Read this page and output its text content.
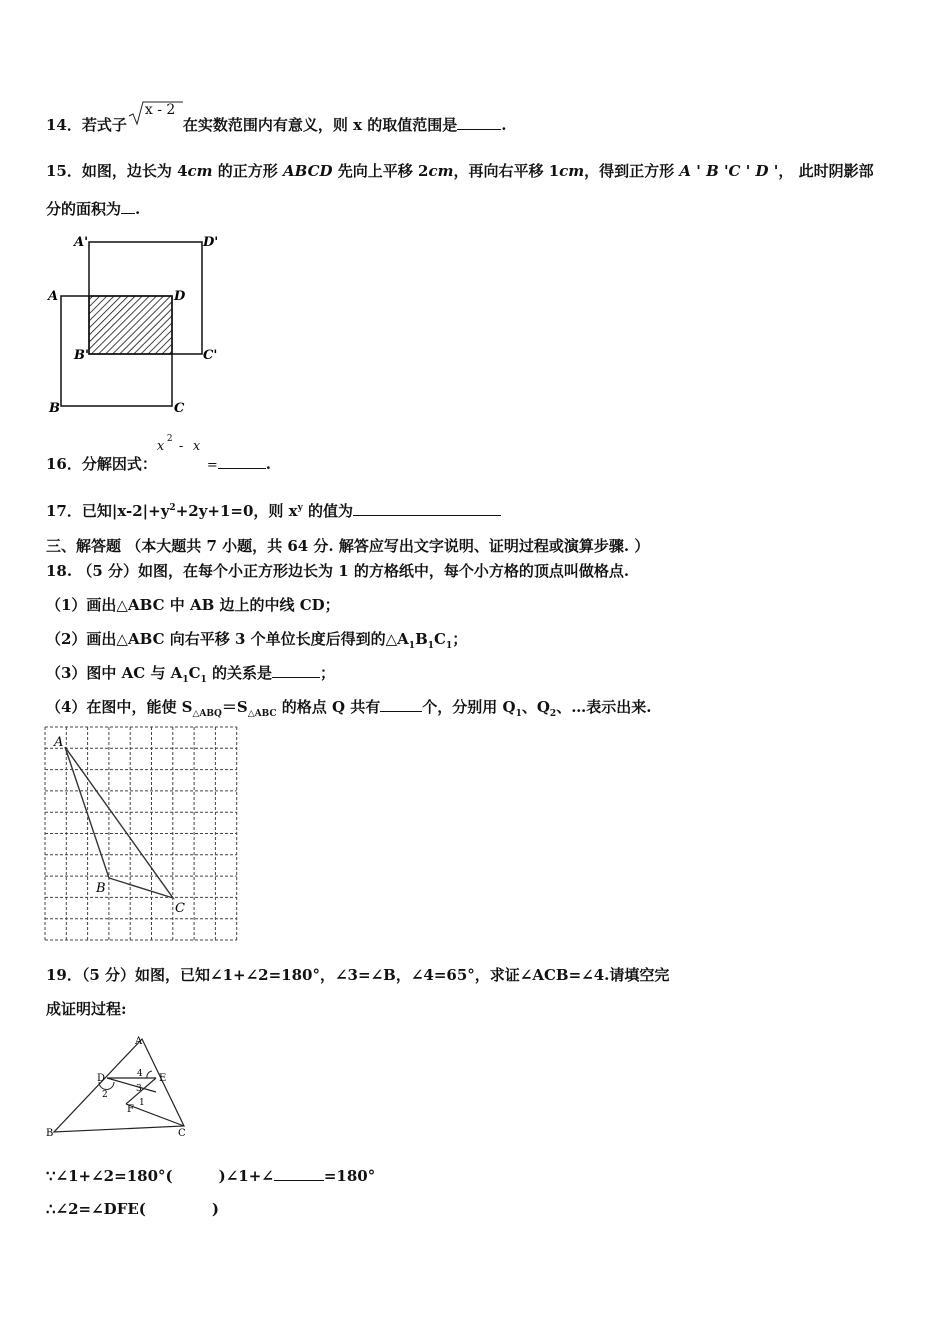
14．若式子
x - 2
在实数范围内有意义，则 x 的取值范围是	.
15．如图，边长为 4cm 的正方形 ABCD 先向上平移 2cm，再向右平移 1cm，得到正方形 A ' B 'C ' D '， 此时阴影部
分的面积为 .
A'	D'
A	D
B'	C'
B	C
16．分解因式：
x 2 - x
=	.
17．已知$|x-2|+y^2+2y+1=0$，则 $x^y$ 的值为
三、解答题 （本大题共 7 小题，共 64 分. 解答应写出文字说明、证明过程或演算步骤. ）
18. （5 分）如图，在每个小正方形边长为 1 的方格纸中，每个小方格的顶点叫做格点.
（1）画出△ABC 中 AB 边上的中线 CD；
（2）画出△ABC 向右平移 3 个单位长度后得到的$\triangle A_1B_1C_1$；
（3）图中 AC 与 $A_1C_1$ 的关系是	；
（4）在图中，能使 $S_{\triangle ABQ}=S_{\triangle ABC}$ 的格点 Q 共有	个，分别用 $Q_1$、$Q_2$、…表示出来.
A
B
C
19．（5 分）如图，已知∠1+∠2=180°，∠3=∠B，∠4=65°，求证∠ACB=∠4.请填空完
成证明过程:
A
B	C
D	E
F
1
2
3
4
∵∠1+∠2=180°(	)∠1+∠	=180°
∴∠2=∠DFE(	)
